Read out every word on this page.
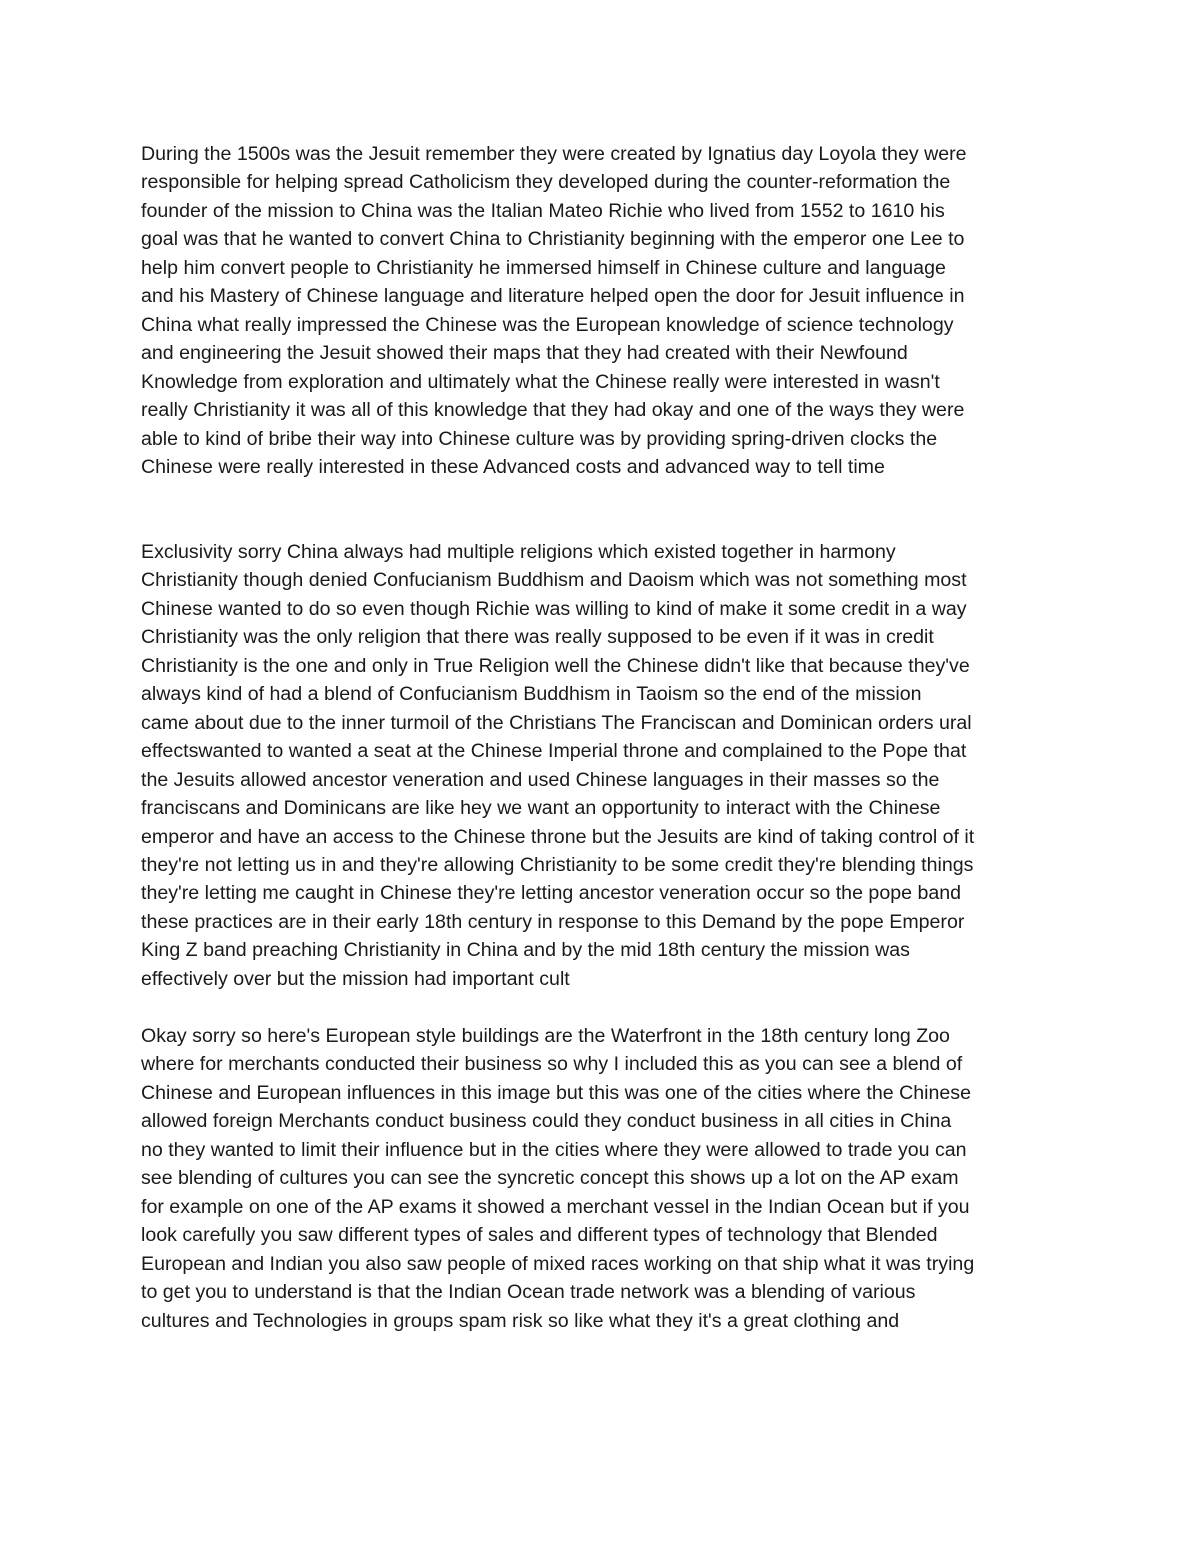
During the 1500s was the Jesuit remember they were created by Ignatius day Loyola they were
responsible for helping spread Catholicism they developed during the counter-reformation the
founder of the mission to China was the Italian Mateo Richie who lived from 1552 to 1610 his
goal was that he wanted to convert China to Christianity beginning with the emperor one Lee to
help him convert people to Christianity he immersed himself in Chinese culture and language
and his Mastery of Chinese language and literature helped open the door for Jesuit influence in
China what really impressed the Chinese was the European knowledge of science technology
and engineering the Jesuit showed their maps that they had created with their Newfound
Knowledge from exploration and ultimately what the Chinese really were interested in wasn't
really Christianity it was all of this knowledge that they had okay and one of the ways they were
able to kind of bribe their way into Chinese culture was by providing spring-driven clocks the
Chinese were really interested in these Advanced costs and advanced way to tell time
Exclusivity sorry China always had multiple religions which existed together in harmony
Christianity though denied Confucianism Buddhism and Daoism which was not something most
Chinese wanted to do so even though Richie was willing to kind of make it some credit in a way
Christianity was the only religion that there was really supposed to be even if it was in credit
Christianity is the one and only in True Religion well the Chinese didn't like that because they've
always kind of had a blend of Confucianism Buddhism in Taoism so the end of the mission
came about due to the inner turmoil of the Christians The Franciscan and Dominican orders ural
effectswanted to wanted a seat at the Chinese Imperial throne and complained to the Pope that
the Jesuits allowed ancestor veneration and used Chinese languages in their masses so the
franciscans and Dominicans are like hey we want an opportunity to interact with the Chinese
emperor and have an access to the Chinese throne but the Jesuits are kind of taking control of it
they're not letting us in and they're allowing Christianity to be some credit they're blending things
they're letting me caught in Chinese they're letting ancestor veneration occur so the pope band
these practices are in their early 18th century in response to this Demand by the pope Emperor
King Z band preaching Christianity in China and by the mid 18th century the mission was
effectively over but the mission had important cult
Okay sorry so here's European style buildings are the Waterfront in the 18th century long Zoo
where for merchants conducted their business so why I included this as you can see a blend of
Chinese and European influences in this image but this was one of the cities where the Chinese
allowed foreign Merchants conduct business could they conduct business in all cities in China
no they wanted to limit their influence but in the cities where they were allowed to trade you can
see blending of cultures you can see the syncretic concept this shows up a lot on the AP exam
for example on one of the AP exams it showed a merchant vessel in the Indian Ocean but if you
look carefully you saw different types of sales and different types of technology that Blended
European and Indian you also saw people of mixed races working on that ship what it was trying
to get you to understand is that the Indian Ocean trade network was a blending of various
cultures and Technologies in groups spam risk so like what they it's a great clothing and
